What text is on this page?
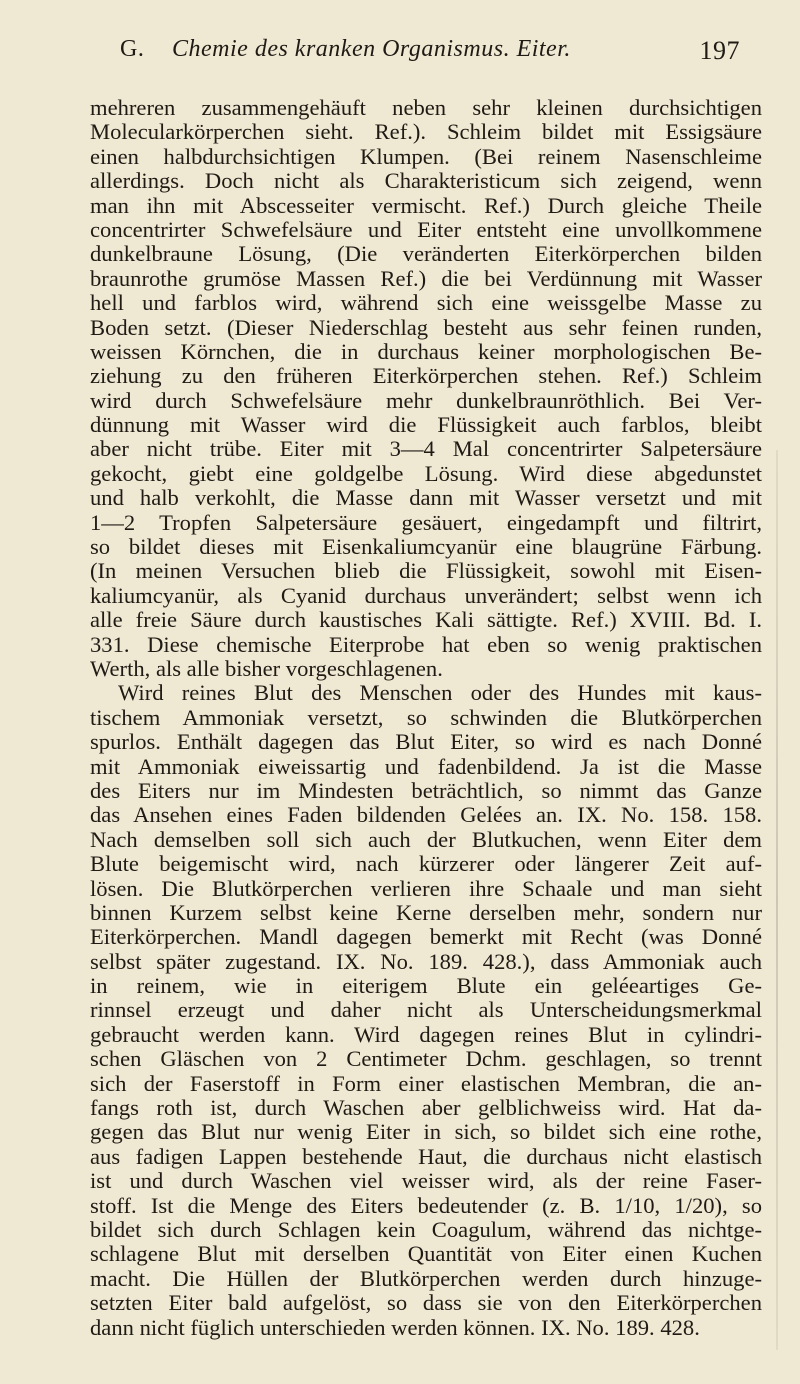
G. Chemie des kranken Organismus. Eiter.	197
mehreren zusammengehäuft neben sehr kleinen durchsichtigen
Molecularkörperchen sieht. Ref.). Schleim bildet mit Essigsäure
einen halbdurchsichtigen Klumpen. (Bei reinem Nasenschleime
allerdings. Doch nicht als Charakteristicum sich zeigend, wenn
man ihn mit Abscesseiter vermischt. Ref.) Durch gleiche Theile
concentrirter Schwefelsäure und Eiter entsteht eine unvollkommene
dunkelbraune Lösung, (Die veränderten Eiterkörperchen bilden
braunrothe grumöse Massen Ref.) die bei Verdünnung mit Wasser
hell und farblos wird, während sich eine weissgelbe Masse zu
Boden setzt. (Dieser Niederschlag besteht aus sehr feinen runden,
weissen Körnchen, die in durchaus keiner morphologischen Be-
ziehung zu den früheren Eiterkörperchen stehen. Ref.) Schleim
wird durch Schwefelsäure mehr dunkelbraunröthlich. Bei Ver-
dünnung mit Wasser wird die Flüssigkeit auch farblos, bleibt
aber nicht trübe. Eiter mit 3—4 Mal concentrirter Salpetersäure
gekocht, giebt eine goldgelbe Lösung. Wird diese abgedunstet
und halb verkohlt, die Masse dann mit Wasser versetzt und mit
1—2 Tropfen Salpetersäure gesäuert, eingedampft und filtrirt,
so bildet dieses mit Eisenkaliumcyanür eine blaugrüne Färbung.
(In meinen Versuchen blieb die Flüssigkeit, sowohl mit Eisen-
kaliumcyanür, als Cyanid durchaus unverändert; selbst wenn ich
alle freie Säure durch kaustisches Kali sättigte. Ref.) XVIII. Bd. I.
331. Diese chemische Eiterprobe hat eben so wenig praktischen
Werth, als alle bisher vorgeschlagenen.
Wird reines Blut des Menschen oder des Hundes mit kaus-
tischem Ammoniak versetzt, so schwinden die Blutkörperchen
spurlos. Enthält dagegen das Blut Eiter, so wird es nach Donné
mit Ammoniak eiweissartig und fadenbildend. Ja ist die Masse
des Eiters nur im Mindesten beträchtlich, so nimmt das Ganze
das Ansehen eines Faden bildenden Gelées an. IX. No. 158. 158.
Nach demselben soll sich auch der Blutkuchen, wenn Eiter dem
Blute beigemischt wird, nach kürzerer oder längerer Zeit auf-
lösen. Die Blutkörperchen verlieren ihre Schaale und man sieht
binnen Kurzem selbst keine Kerne derselben mehr, sondern nur
Eiterkörperchen. Mandl dagegen bemerkt mit Recht (was Donné
selbst später zugestand. IX. No. 189. 428.), dass Ammoniak auch
in reinem, wie in eiterigem Blute ein geléeartiges Ge-
rinnsel erzeugt und daher nicht als Unterscheidungsmerkmal
gebraucht werden kann. Wird dagegen reines Blut in cylindri-
schen Gläschen von 2 Centimeter Dchm. geschlagen, so trennt
sich der Faserstoff in Form einer elastischen Membran, die an-
fangs roth ist, durch Waschen aber gelblichweiss wird. Hat da-
gegen das Blut nur wenig Eiter in sich, so bildet sich eine rothe,
aus fadigen Lappen bestehende Haut, die durchaus nicht elastisch
ist und durch Waschen viel weisser wird, als der reine Faser-
stoff. Ist die Menge des Eiters bedeutender (z. B. 1/10, 1/20), so
bildet sich durch Schlagen kein Coagulum, während das nichtge-
schlagene Blut mit derselben Quantität von Eiter einen Kuchen
macht. Die Hüllen der Blutkörperchen werden durch hinzuge-
setzten Eiter bald aufgelöst, so dass sie von den Eiterkörperchen
dann nicht füglich unterschieden werden können. IX. No. 189. 428.
